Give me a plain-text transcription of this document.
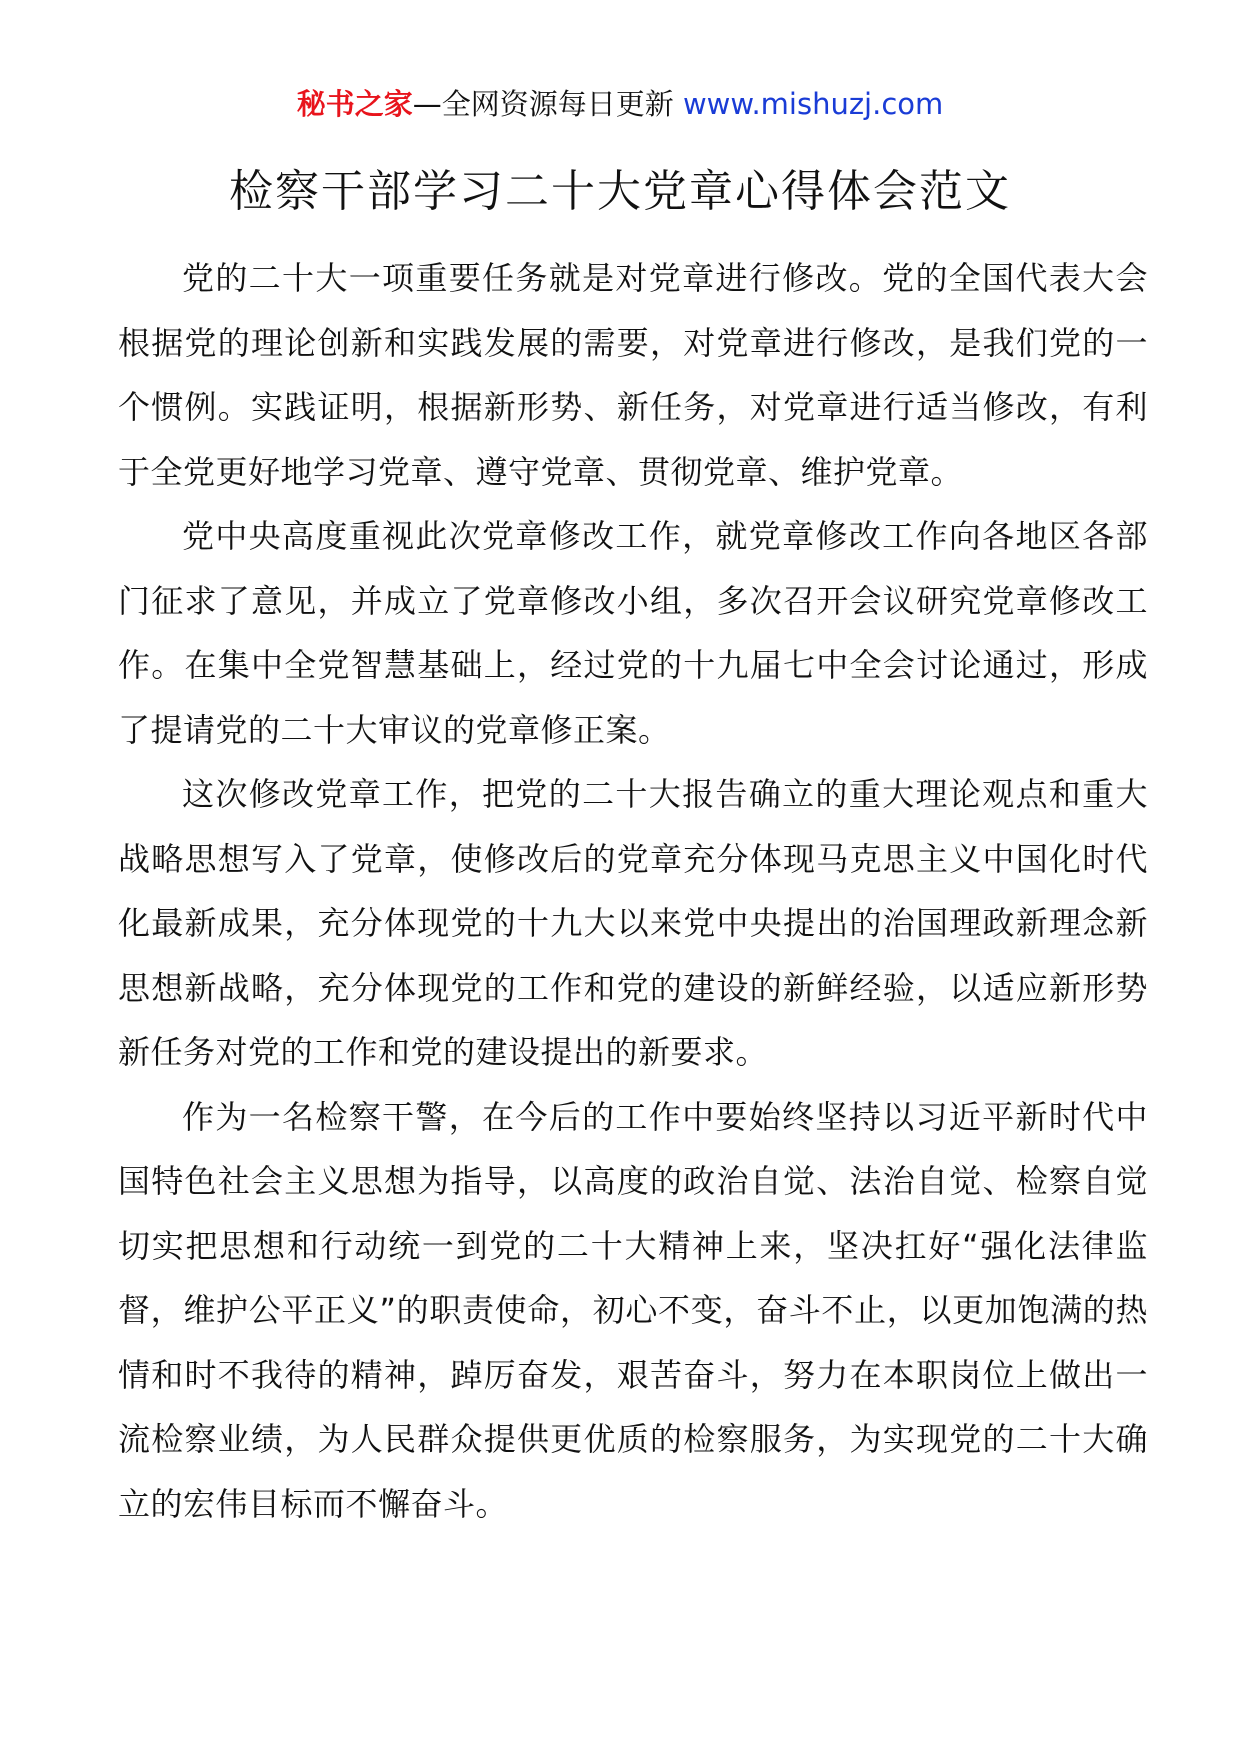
秘书之家—全网资源每日更新 www.mishuzj.com
检察干部学习二十大党章心得体会范文

党的二十大一项重要任务就是对党章进行修改。党的全国代表大会根据党的理论创新和实践发展的需要，对党章进行修改，是我们党的一个惯例。实践证明，根据新形势、新任务，对党章进行适当修改，有利于全党更好地学习党章、遵守党章、贯彻党章、维护党章。

党中央高度重视此次党章修改工作，就党章修改工作向各地区各部门征求了意见，并成立了党章修改小组，多次召开会议研究党章修改工作。在集中全党智慧基础上，经过党的十九届七中全会讨论通过，形成了提请党的二十大审议的党章修正案。

这次修改党章工作，把党的二十大报告确立的重大理论观点和重大战略思想写入了党章，使修改后的党章充分体现马克思主义中国化时代化最新成果，充分体现党的十九大以来党中央提出的治国理政新理念新思想新战略，充分体现党的工作和党的建设的新鲜经验，以适应新形势新任务对党的工作和党的建设提出的新要求。

作为一名检察干警，在今后的工作中要始终坚持以习近平新时代中国特色社会主义思想为指导，以高度的政治自觉、法治自觉、检察自觉切实把思想和行动统一到党的二十大精神上来，坚决扛好“强化法律监督，维护公平正义”的职责使命，初心不变，奋斗不止，以更加饱满的热情和时不我待的精神，踔厉奋发，艰苦奋斗，努力在本职岗位上做出一流检察业绩，为人民群众提供更优质的检察服务，为实现党的二十大确立的宏伟目标而不懈奋斗。
